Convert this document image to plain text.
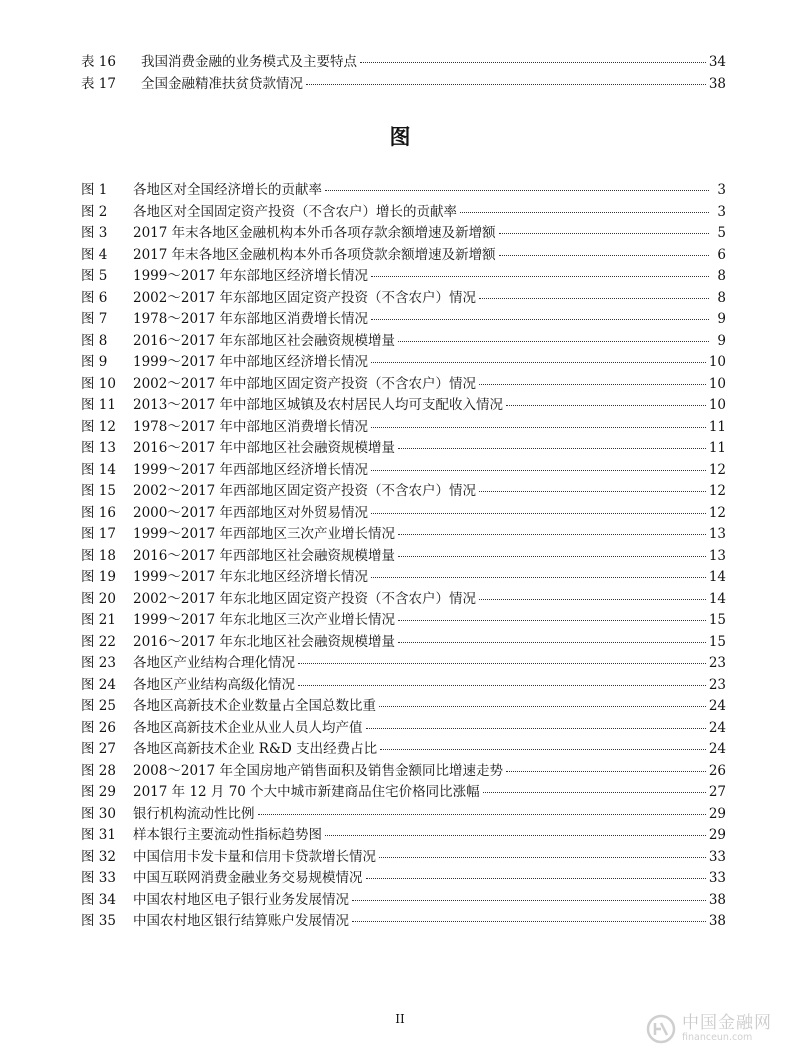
表 16	我国消费金融的业务模式及主要特点	34
表 17	全国金融精准扶贫贷款情况	38
图
图 1	各地区对全国经济增长的贡献率	3
图 2	各地区对全国固定资产投资（不含农户）增长的贡献率	3
图 3	2017 年末各地区金融机构本外币各项存款余额增速及新增额	5
图 4	2017 年末各地区金融机构本外币各项贷款余额增速及新增额	6
图 5	1999～2017 年东部地区经济增长情况	8
图 6	2002～2017 年东部地区固定资产投资（不含农户）情况	8
图 7	1978～2017 年东部地区消费增长情况	9
图 8	2016～2017 年东部地区社会融资规模增量	9
图 9	1999～2017 年中部地区经济增长情况	10
图 10	2002～2017 年中部地区固定资产投资（不含农户）情况	10
图 11	2013～2017 年中部地区城镇及农村居民人均可支配收入情况	10
图 12	1978～2017 年中部地区消费增长情况	11
图 13	2016～2017 年中部地区社会融资规模增量	11
图 14	1999～2017 年西部地区经济增长情况	12
图 15	2002～2017 年西部地区固定资产投资（不含农户）情况	12
图 16	2000～2017 年西部地区对外贸易情况	12
图 17	1999～2017 年西部地区三次产业增长情况	13
图 18	2016～2017 年西部地区社会融资规模增量	13
图 19	1999～2017 年东北地区经济增长情况	14
图 20	2002～2017 年东北地区固定资产投资（不含农户）情况	14
图 21	1999～2017 年东北地区三次产业增长情况	15
图 22	2016～2017 年东北地区社会融资规模增量	15
图 23	各地区产业结构合理化情况	23
图 24	各地区产业结构高级化情况	23
图 25	各地区高新技术企业数量占全国总数比重	24
图 26	各地区高新技术企业从业人员人均产值	24
图 27	各地区高新技术企业 R&D 支出经费占比	24
图 28	2008～2017 年全国房地产销售面积及销售金额同比增速走势	26
图 29	2017 年 12 月 70 个大中城市新建商品住宅价格同比涨幅	27
图 30	银行机构流动性比例	29
图 31	样本银行主要流动性指标趋势图	29
图 32	中国信用卡发卡量和信用卡贷款增长情况	33
图 33	中国互联网消费金融业务交易规模情况	33
图 34	中国农村地区电子银行业务发展情况	38
图 35	中国农村地区银行结算账户发展情况	38
II	中国金融网
financeun.com
